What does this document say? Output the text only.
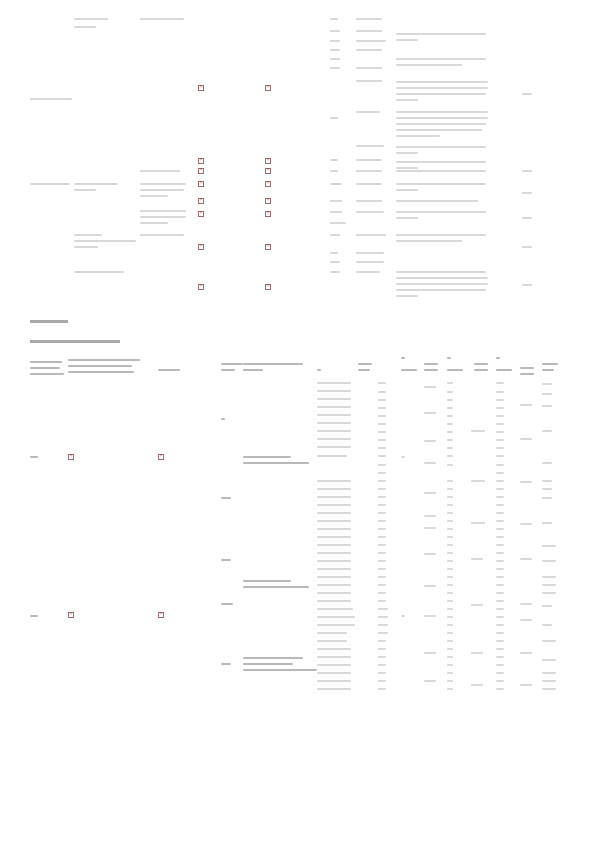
×
×
×
×
×
×
×
×
×
×
×
×
×
×
×
×
×
×
×
×
